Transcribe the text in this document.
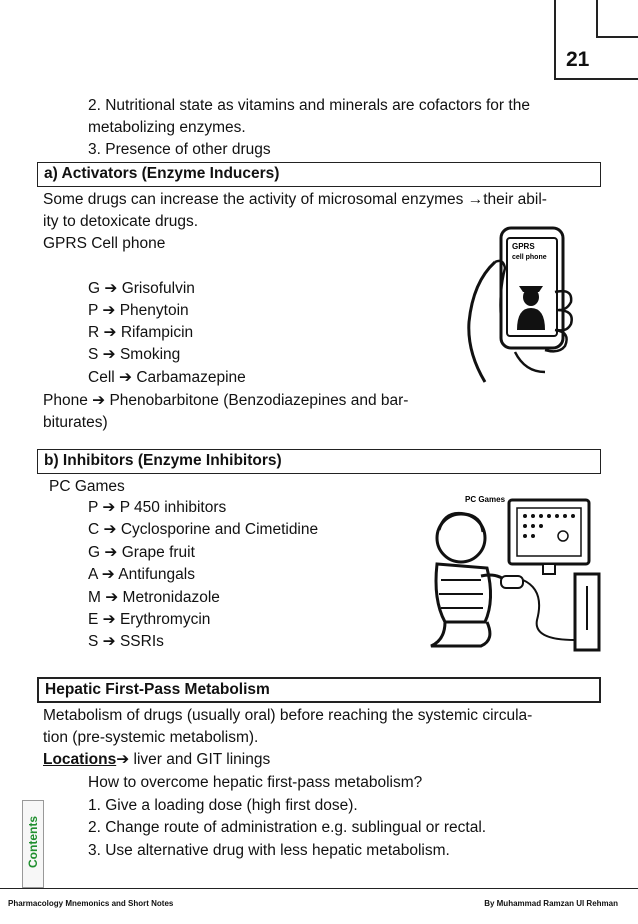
21
2. Nutritional state as vitamins and minerals are cofactors for the
metabolizing enzymes.
3. Presence of other drugs
a) Activators (Enzyme Inducers)
Some drugs can increase the activity of microsomal enzymes →their abil-
ity to detoxicate drugs.
GPRS Cell phone
G ➔ Grisofulvin
P ➔ Phenytoin
R ➔ Rifampicin
S ➔ Smoking
Cell ➔ Carbamazepine
Phone ➔ Phenobarbitone (Benzodiazepines and bar-
biturates)
GPRS
cell phone
b) Inhibitors (Enzyme Inhibitors)
PC Games
P ➔ P 450 inhibitors
C ➔ Cyclosporine and Cimetidine
G ➔ Grape fruit
A ➔ Antifungals
M ➔ Metronidazole
E ➔ Erythromycin
S ➔ SSRIs
PC Games
Hepatic First-Pass Metabolism
Metabolism of drugs (usually oral) before reaching the systemic circula-
tion (pre-systemic metabolism).
Locations➔ liver and GIT linings
How to overcome hepatic first-pass metabolism?
1. Give a loading dose (high first dose).
2. Change route of administration e.g. sublingual or rectal.
3. Use alternative drug with less hepatic metabolism.
Contents
Pharmacology Mnemonics and Short Notes	By Muhammad Ramzan Ul Rehman
